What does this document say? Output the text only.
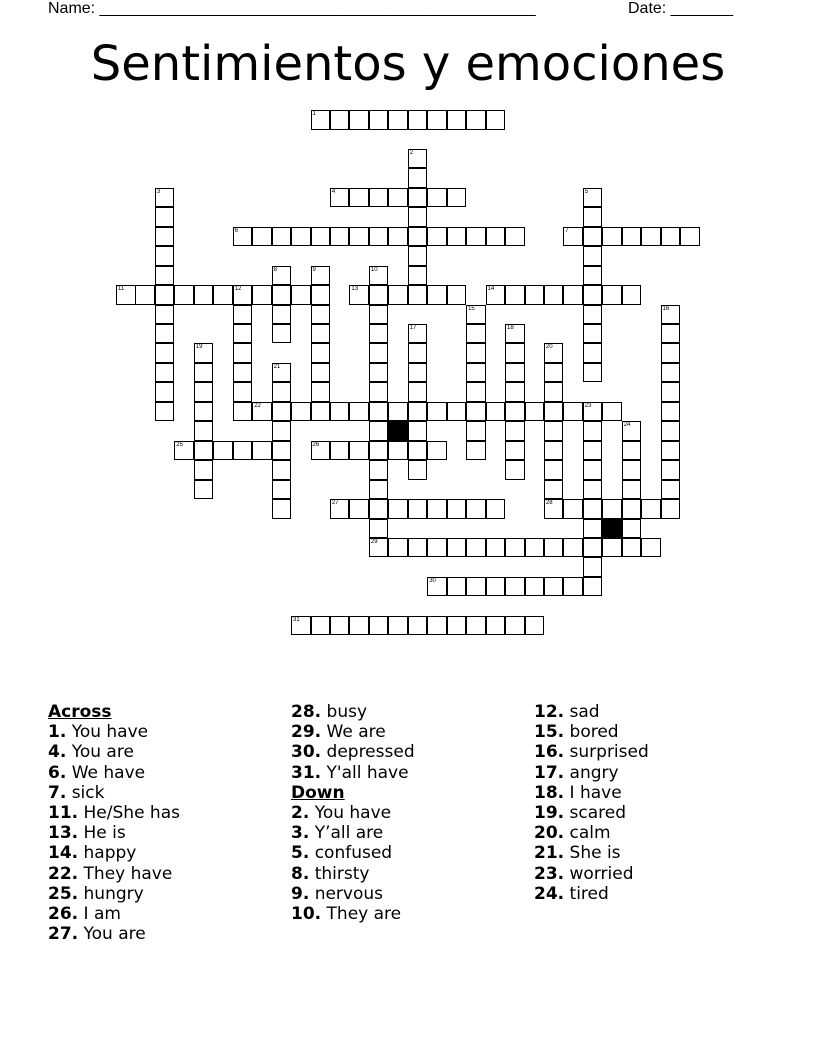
Name: _________________________________________________	Date: _______
Sentimientos y emociones
1
4
6	7
11	12	13	14
22	23
25	26
27	28
29
30
31
2
3	5
8	9	10
15	16
17	18
19	20
21
24
Across
1. You have
4. You are
6. We have
7. sick
11. He/She has
13. He is
14. happy
22. They have
25. hungry
26. I am
27. You are
28. busy
29. We are
30. depressed
31. Y'all have
Down
2. You have
3. Y’all are
5. confused
8. thirsty
9. nervous
10. They are
12. sad
15. bored
16. surprised
17. angry
18. I have
19. scared
20. calm
21. She is
23. worried
24. tired
